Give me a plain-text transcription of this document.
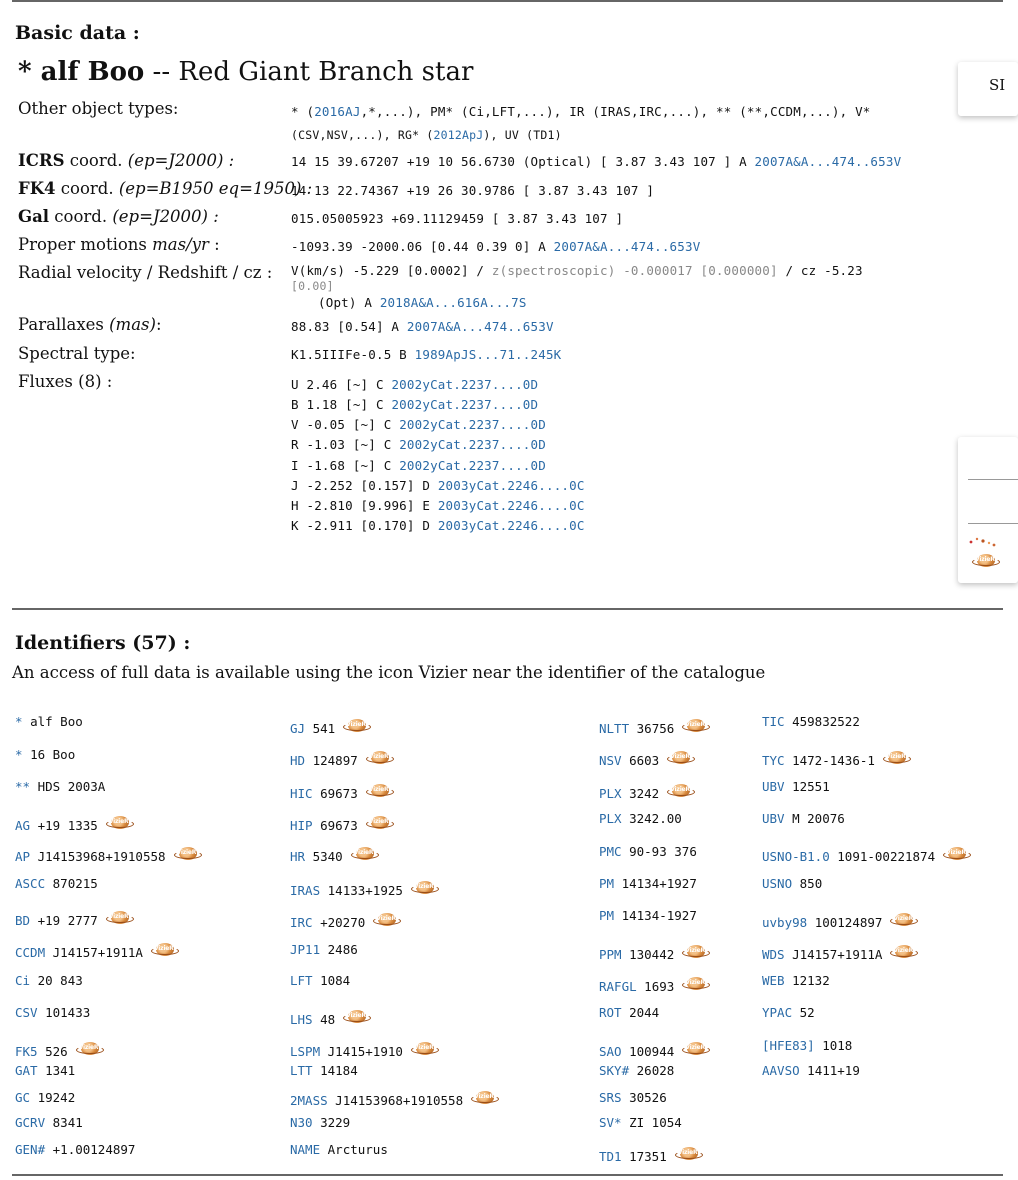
Basic data :
* alf Boo -- Red Giant Branch star
Other object types:	* (2016AJ,*,...), PM* (Ci,LFT,...), IR (IRAS,IRC,...), ** (**,CCDM,...), V*
(CSV,NSV,...), RG* (2012ApJ), UV (TD1)
ICRS coord. (ep=J2000) :	14 15 39.67207 +19 10 56.6730 (Optical) [ 3.87 3.43 107 ] A 2007A&A...474..653V
FK4 coord. (ep=B1950 eq=1950) :
14 13 22.74367 +19 26 30.9786 [ 3.87 3.43 107 ]
Gal coord. (ep=J2000) :	015.05005923 +69.11129459 [ 3.87 3.43 107 ]
Proper motions mas/yr :	-1093.39 -2000.06 [0.44 0.39 0] A 2007A&A...474..653V
Radial velocity / Redshift / cz : V(km/s) -5.229 [0.0002] / z(spectroscopic) -0.000017 [0.000000] / cz -5.23
[0.00]
(Opt) A 2018A&A...616A...7S
Parallaxes (mas):	88.83 [0.54] A 2007A&A...474..653V
Spectral type:	K1.5IIIFe-0.5 B 1989ApJS...71..245K
Fluxes (8) :	U 2.46 [~] C 2002yCat.2237....0D
B 1.18 [~] C 2002yCat.2237....0D
V -0.05 [~] C 2002yCat.2237....0D
R -1.03 [~] C 2002yCat.2237....0D
I -1.68 [~] C 2002yCat.2237....0D
J -2.252 [0.157] D 2003yCat.2246....0C
H -2.810 [9.996] E 2003yCat.2246....0C
K -2.911 [0.170] D 2003yCat.2246....0C
SI
VizieR
Identifiers (57) :
An access of full data is available using the icon Vizier near the identifier of the catalogue
* alf Boo
* 16 Boo
** HDS 2003A
AG +19 1335 VizieR
AP J14153968+1910558 VizieR
ASCC 870215
BD +19 2777 VizieR
CCDM J14157+1911A VizieR
Ci 20 843
CSV 101433
FK5 526 VizieR
GAT 1341
GC 19242
GCRV 8341
GEN# +1.00124897
GJ 541 VizieR
HD 124897 VizieR
HIC 69673 VizieR
HIP 69673 VizieR
HR 5340 VizieR
IRAS 14133+1925 VizieR
IRC +20270 VizieR
JP11 2486
LFT 1084
LHS 48 VizieR
LSPM J1415+1910 VizieR
LTT 14184
2MASS J14153968+1910558 VizieR
N30 3229
NAME Arcturus
NLTT 36756 VizieR
NSV 6603 VizieR
PLX 3242 VizieR
PLX 3242.00
PMC 90-93 376
PM 14134+1927
PM 14134-1927
PPM 130442 VizieR
RAFGL 1693 VizieR
ROT 2044
SAO 100944 VizieR
SKY# 26028
SRS 30526
SV* ZI 1054
TD1 17351 VizieR
TIC 459832522
TYC 1472-1436-1 VizieR
UBV 12551
UBV M 20076
USNO-B1.0 1091-00221874 VizieR
USNO 850
uvby98 100124897 VizieR
WDS J14157+1911A VizieR
WEB 12132
YPAC 52
[HFE83] 1018
AAVSO 1411+19
